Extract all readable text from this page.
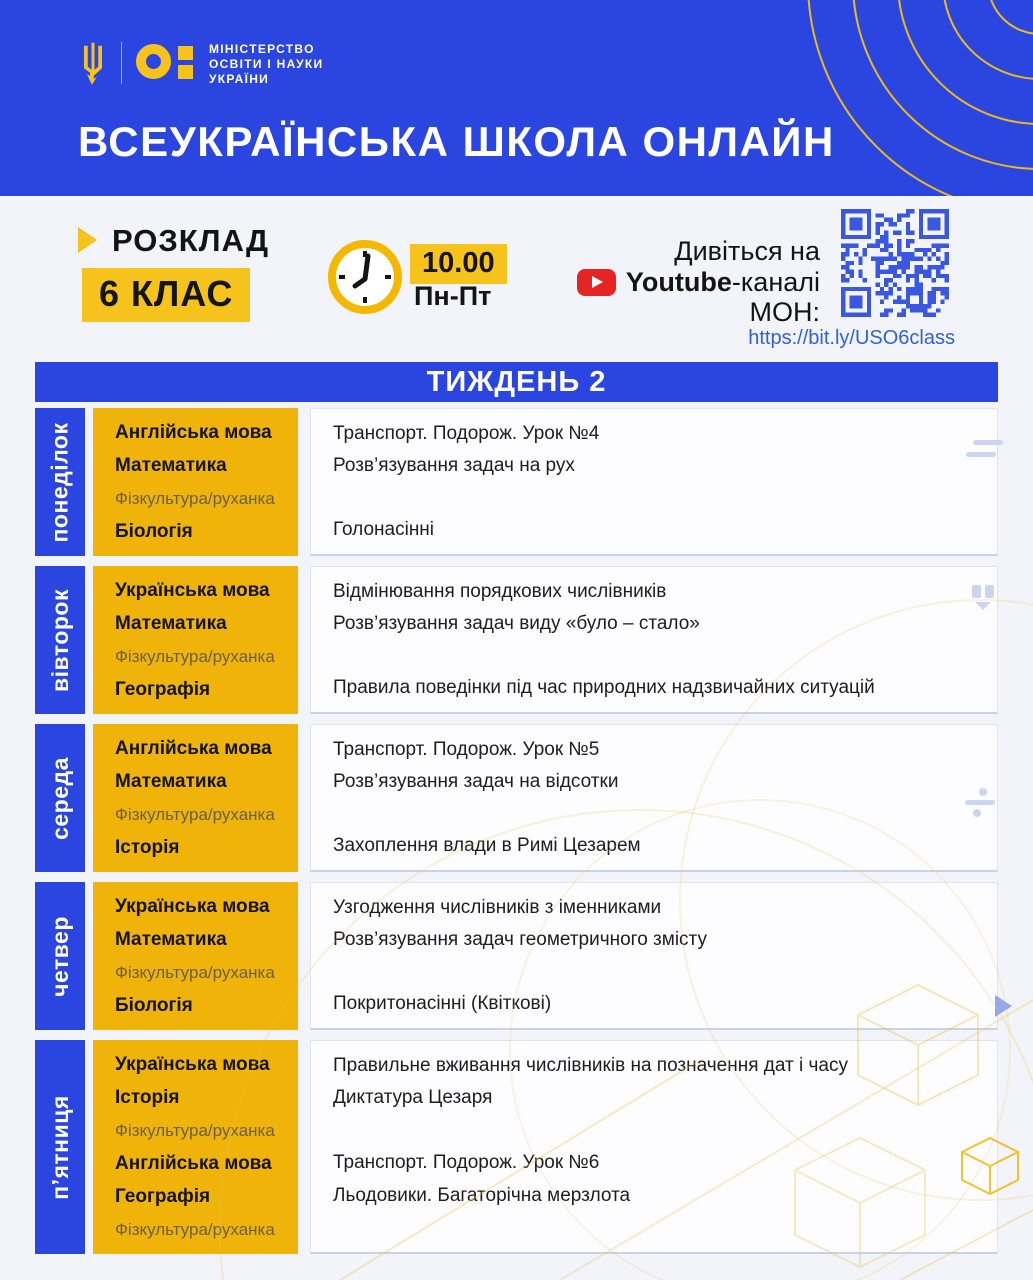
МІНІСТЕРСТВО
ОСВІТИ І НАУКИ
УКРАЇНИ
ВСЕУКРАЇНСЬКА ШКОЛА ОНЛАЙН
РОЗКЛАД
6 КЛАС
10.00
Пн-Пт
Дивіться на
Youtube-каналі
МОН:
https://bit.ly/USO6class
ТИЖДЕНЬ 2
понеділок Англійська мова
Математика
Фізкультура/руханка
Біологія
Транспорт. Подорож. Урок №4
Розв’язування задач на рух

Голонасінні
вівторок Українська мова
Математика
Фізкультура/руханка
Географія
Відмінювання порядкових числівників
Розв’язування задач виду «було – стало»

Правила поведінки під час природних надзвичайних ситуацій
середа
Англійська мова
Математика
Фізкультура/руханка
Історія
Транспорт. Подорож. Урок №5
Розв’язування задач на відсотки

Захоплення влади в Римі Цезарем
четвер
Українська мова
Математика
Фізкультура/руханка
Біологія
Узгодження числівників з іменниками
Розв’язування задач геометричного змісту

Покритонасінні (Квіткові)
п’ятниця
Українська мова
Історія
Фізкультура/руханка
Англійська мова
Географія
Фізкультура/руханка
Правильне вживання числівників на позначення дат і часу
Диктатура Цезаря

Транспорт. Подорож. Урок №6
Льодовики. Багаторічна мерзлота
